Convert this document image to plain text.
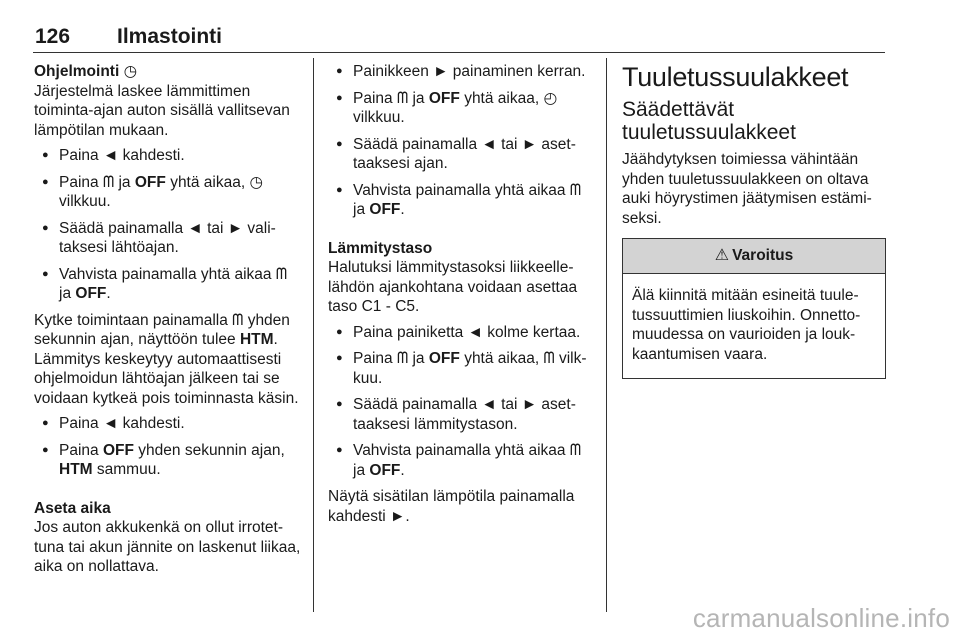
126 Ilmastointi

Ohjelmointi ◷

Järjestelmä laskee lämmittimen toiminta-ajan auton sisällä vallitsevan lämpötilan mukaan.

● Paina ◄ kahdesti.
● Paina ᗰ ja OFF yhtä aikaa, ◷ vilkkuu.
● Säädä painamalla ◄ tai ► valitaksesi lähtöajan.
● Vahvista painamalla yhtä aikaa ᗰ ja OFF.

Kytke toimintaan painamalla ᗰ yhden sekunnin ajan, näyttöön tulee HTM.

Lämmitys keskeytyy automaattisesti ohjelmoidun lähtöajan jälkeen tai se voidaan kytkeä pois toiminnasta käsin.

● Paina ◄ kahdesti.
● Paina OFF yhden sekunnin ajan, HTM sammuu.

Aseta aika

Jos auton akkukenkä on ollut irrotettuna tai akun jännite on laskenut liikaa, aika on nollattava.

● Painikkeen ► painaminen kerran.
● Paina ᗰ ja OFF yhtä aikaa, ◴ vilkkuu.
● Säädä painamalla ◄ tai ► asettaaksesi ajan.
● Vahvista painamalla yhtä aikaa ᗰ ja OFF.

Lämmitystaso

Halutuksi lämmitystasoksi liikkeellelähdön ajankohtana voidaan asettaa taso C1 - C5.

● Paina painiketta ◄ kolme kertaa.
● Paina ᗰ ja OFF yhtä aikaa, ᗰ vilkkuu.
● Säädä painamalla ◄ tai ► asettaaksesi lämmitystason.
● Vahvista painamalla yhtä aikaa ᗰ ja OFF.

Näytä sisätilan lämpötila painamalla kahdesti ►.

Tuuletussuulakkeet
Säädettävät tuuletussuulakkeet

Jäähdytyksen toimiessa vähintään yhden tuuletussuulakkeen on oltava auki höyrystimen jäätymisen estämiseksi.

⚠ Varoitus
Älä kiinnitä mitään esineitä tuuletussuuttimien liuskoihin. Onnettomuudessa on vaurioiden ja loukkaantumisen vaara.
carmanualsonline.info
